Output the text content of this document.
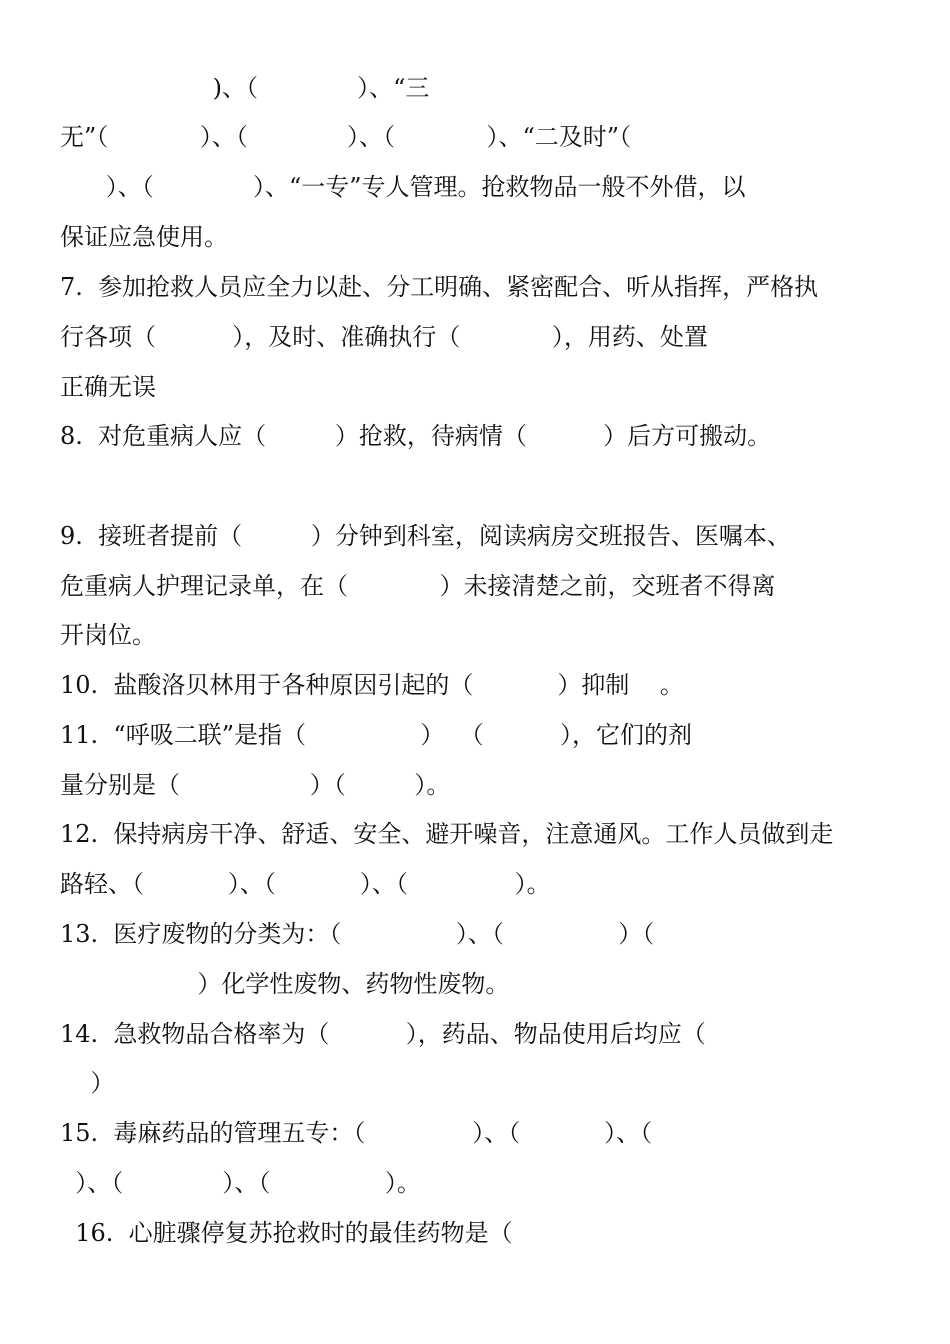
)、（             ）、“三

无”（            ）、（             ）、（            ）、“二及时”（

）、（             ）、“一专”专人管理。抢救物品一般不外借，以

保证应急使用。

7.  参加抢救人员应全力以赴、分工明确、紧密配合、听从指挥，严格执

行各项（          ），及时、准确执行（            ），用药、处置

正确无误

8.  对危重病人应（         ）抢救，待病情（          ）后方可搬动。

9.  接班者提前（         ）分钟到科室，阅读病房交班报告、医嘱本、

危重病人护理记录单，在（            ）未接清楚之前，交班者不得离

开岗位。

10.  盐酸洛贝林用于各种原因引起的（           ）抑制    。

11.  “呼吸二联”是指（               ）  （          ），它们的剂

量分别是（                 ）（         ）。

12.  保持病房干净、舒适、安全、避开噪音，注意通风。工作人员做到走

路轻、（           ）、（           ）、（              ）。

13.  医疗废物的分类为：（               ）、（               ）（

）化学性废物、药物性废物。

14.  急救物品合格率为（          ），药品、物品使用后均应（

）

15.  毒麻药品的管理五专：（              ）、（           ）、（

）、（             ）、（               ）。

16.  心脏骤停复苏抢救时的最佳药物是（
